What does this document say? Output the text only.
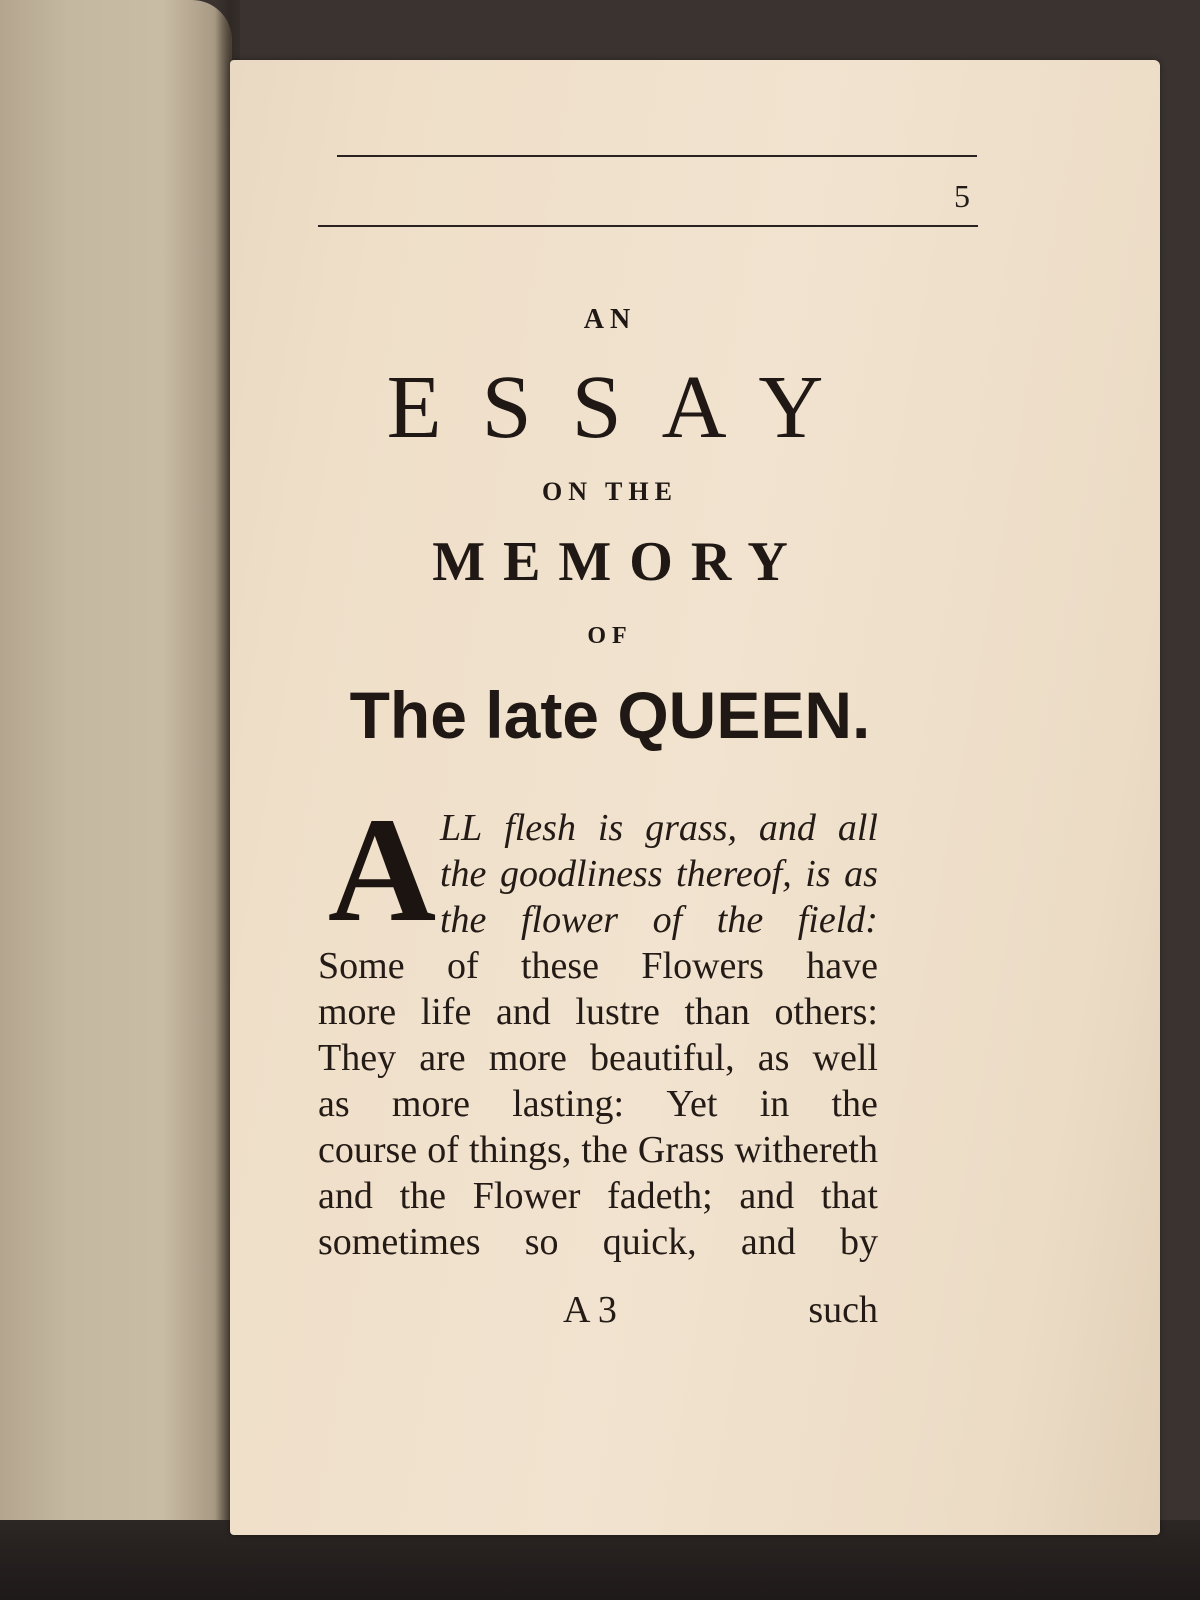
5
AN
ESSAY
ON THE
MEMORY
OF
The late QUEEN.
A LL flesh is grass, and all
the goodliness thereof, is as
the flower of the field:
Some of these Flowers have
more life and lustre than others:
They are more beautiful, as well
as more lasting: Yet in the
course of things, the Grass withereth
and the Flower fadeth; and that
sometimes so quick, and by
A 3	such
